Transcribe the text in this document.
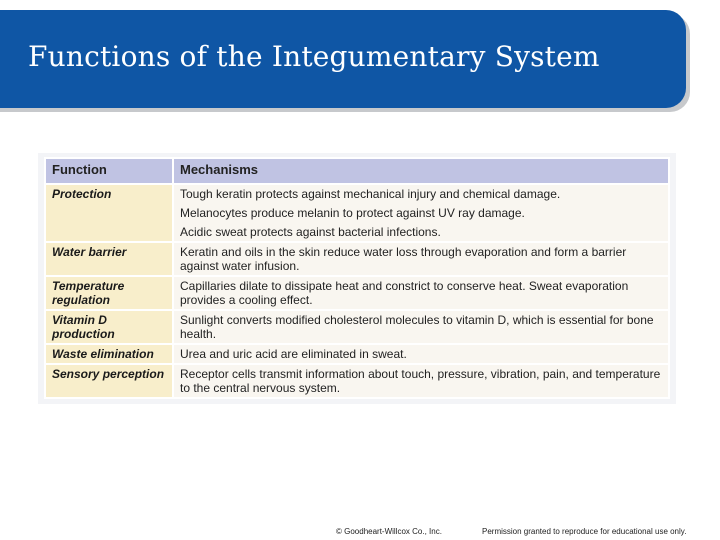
Functions of the Integumentary System
Function	Mechanisms
Protection	Tough keratin protects against mechanical injury and chemical damage.
Melanocytes produce melanin to protect against UV ray damage.
Acidic sweat protects against bacterial infections.

Water barrier	Keratin and oils in the skin reduce water loss through evaporation and form a barrier against water infusion.
Temperature regulation	Capillaries dilate to dissipate heat and constrict to conserve heat. Sweat evaporation provides a cooling effect.
Vitamin D production	Sunlight converts modified cholesterol molecules to vitamin D, which is essential for bone health.
Waste elimination	Urea and uric acid are eliminated in sweat.
Sensory perception	Receptor cells transmit information about touch, pressure, vibration, pain, and temperature to the central nervous system.
© Goodheart-Willcox Co., Inc.	Permission granted to reproduce for educational use only.
